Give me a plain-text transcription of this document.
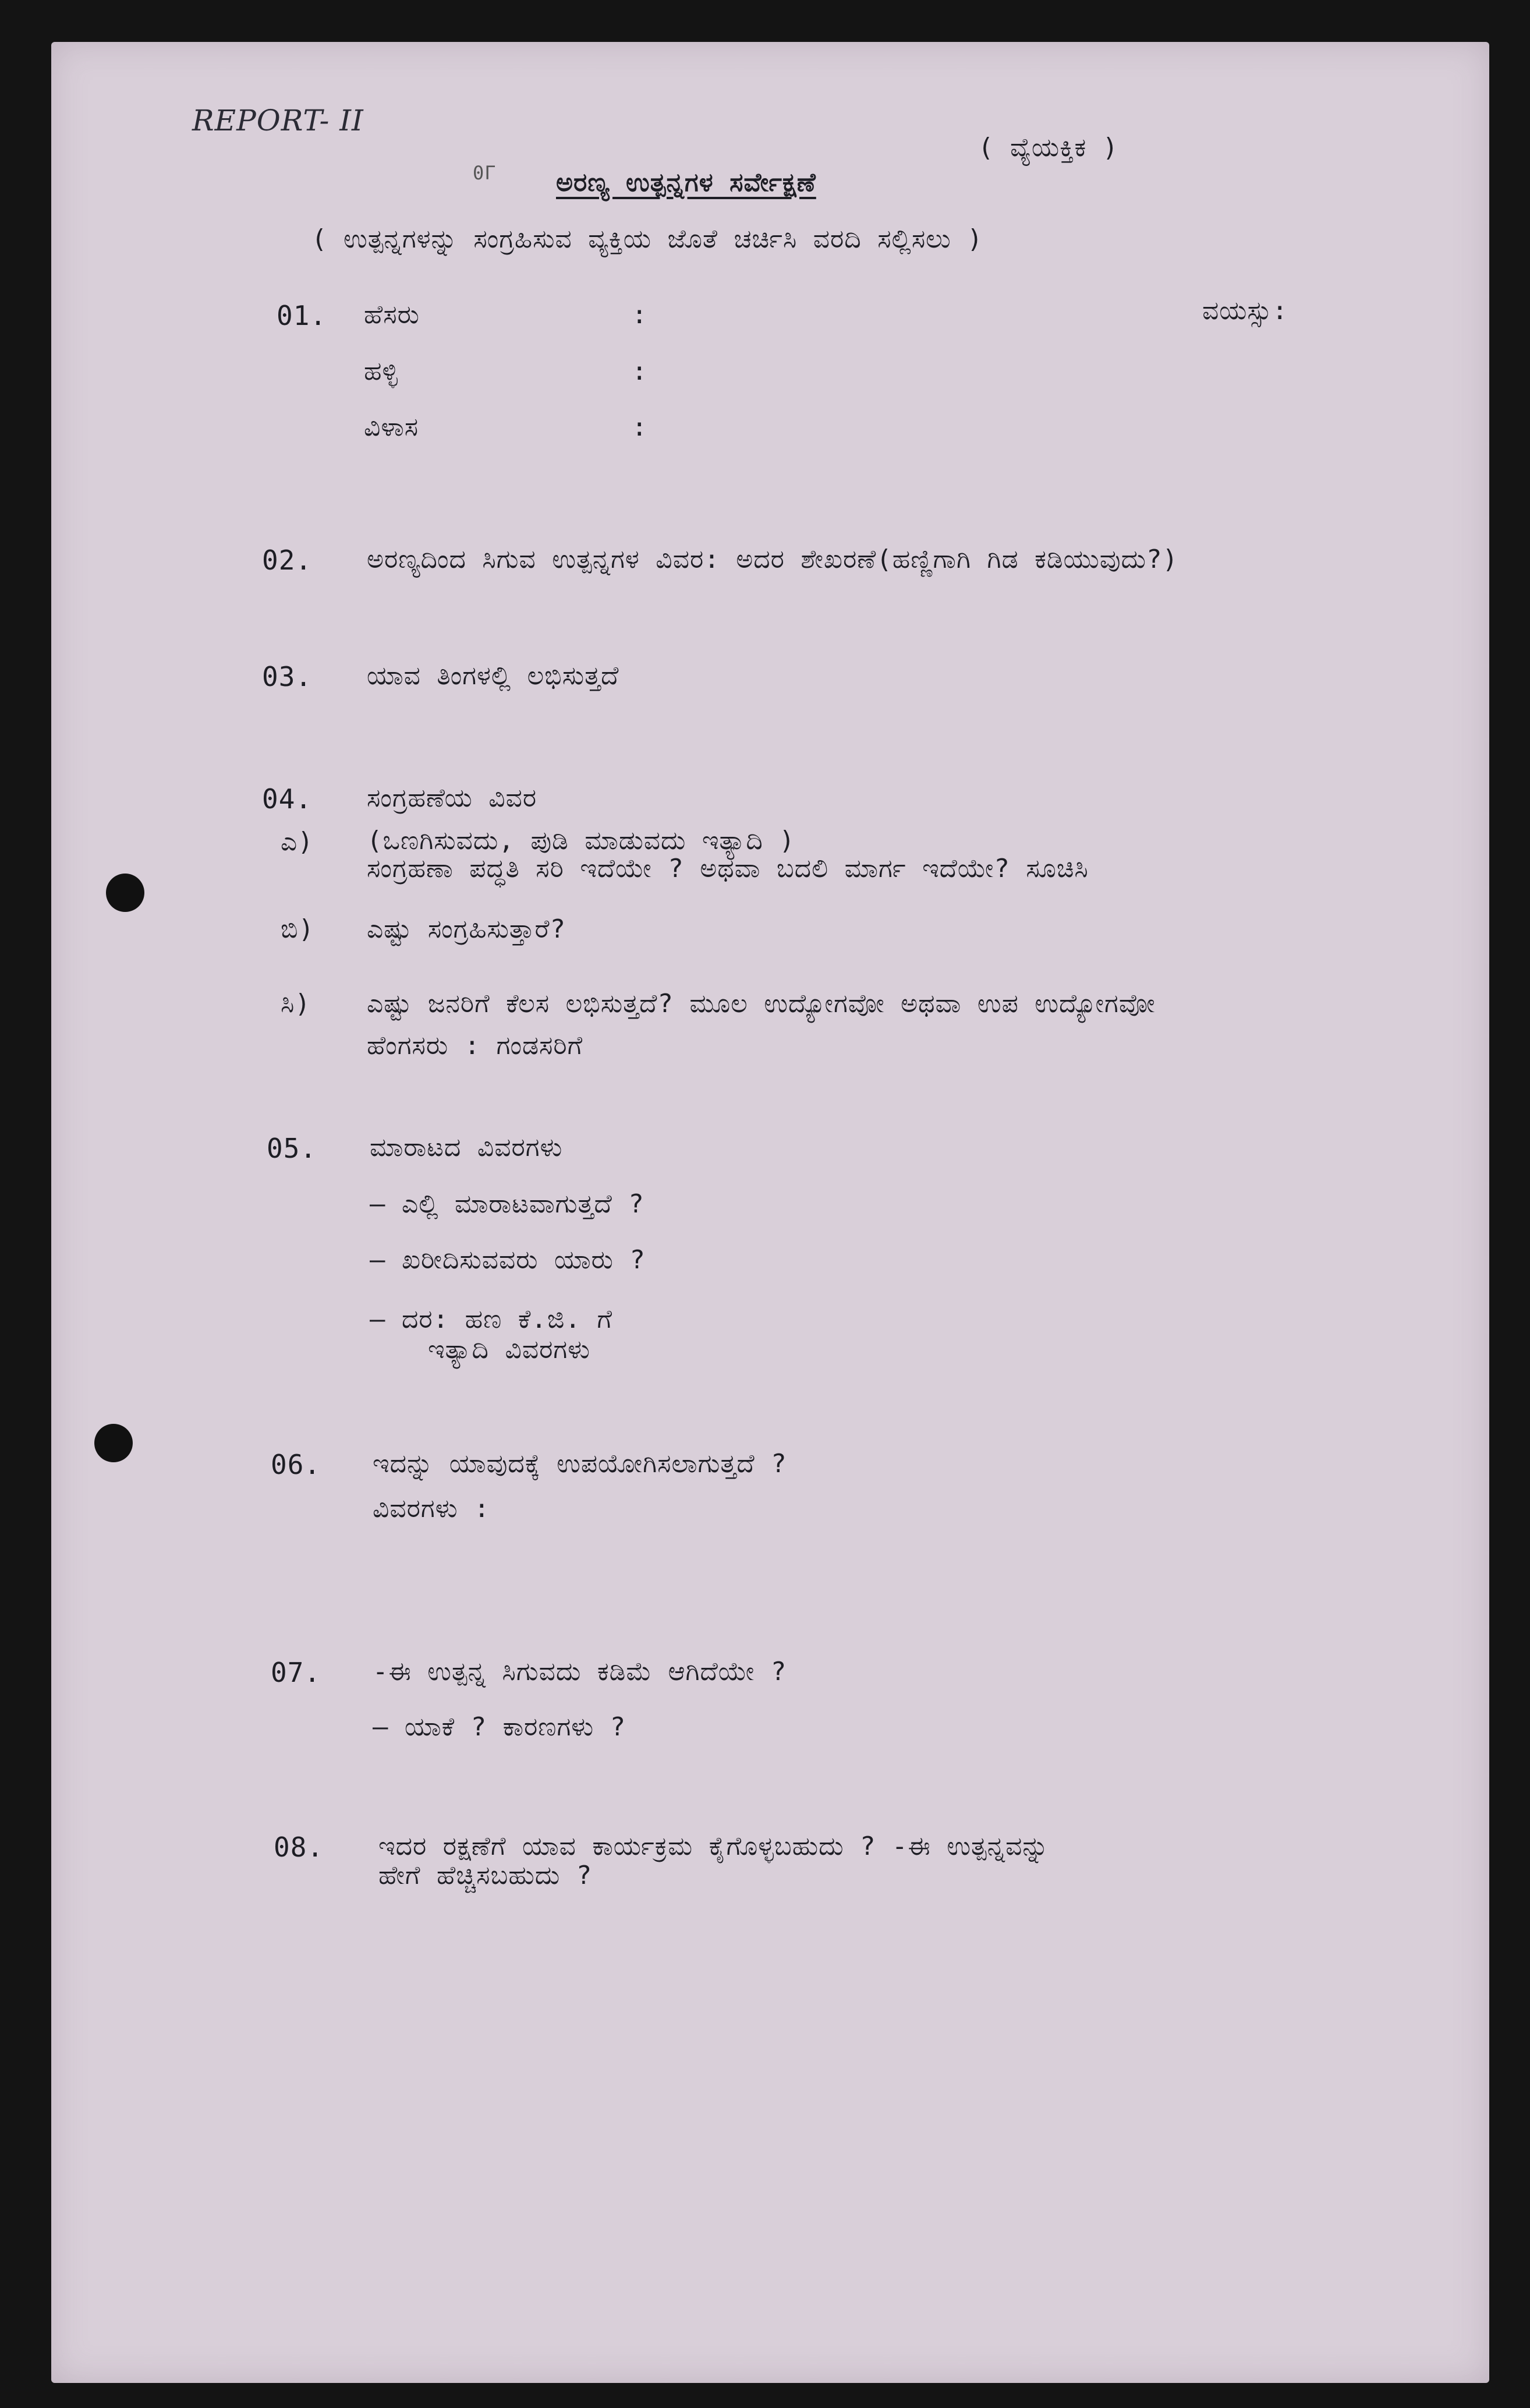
REPORT- II
0Г
( ವ್ಯೆಯಕ್ತಿಕ )
ಅರಣ್ಯ ಉತ್ಪನ್ನಗಳ ಸರ್ವೇಕ್ಷಣೆ
( ಉತ್ಪನ್ನಗಳನ್ನು ಸಂಗ್ರಹಿಸುವ ವ್ಯಕ್ತಿಯ ಜೊತೆ ಚರ್ಚಿಸಿ ವರದಿ ಸಲ್ಲಿಸಲು )
01. ಹೆಸರು	:	ವಯಸ್ಸು:
ಹಳ್ಳಿ	:
ವಿಳಾಸ	:
02. ಅರಣ್ಯದಿಂದ ಸಿಗುವ ಉತ್ಪನ್ನಗಳ ವಿವರ: ಅದರ ಶೇಖರಣೆ(ಹಣ್ಣಿಗಾಗಿ ಗಿಡ ಕಡಿಯುವುದು?)
03. ಯಾವ ತಿಂಗಳಲ್ಲಿ ಲಭಿಸುತ್ತದೆ
04. ಸಂಗ್ರಹಣೆಯ ವಿವರ
ಎ) (ಒಣಗಿಸುವದು, ಪುಡಿ ಮಾಡುವದು ಇತ್ಯಾದಿ )
ಸಂಗ್ರಹಣಾ ಪದ್ಧತಿ ಸರಿ ಇದೆಯೇ ? ಅಥವಾ ಬದಲಿ ಮಾರ್ಗ ಇದೆಯೇ? ಸೂಚಿಸಿ
ಬಿ) ಎಷ್ಟು ಸಂಗ್ರಹಿಸುತ್ತಾರೆ?
ಸಿ) ಎಷ್ಟು ಜನರಿಗೆ ಕೆಲಸ ಲಭಿಸುತ್ತದೆ? ಮೂಲ ಉದ್ಯೋಗವೋ ಅಥವಾ ಉಪ ಉದ್ಯೋಗವೋ
ಹೆಂಗಸರು : ಗಂಡಸರಿಗೆ
05. ಮಾರಾಟದ ವಿವರಗಳು
— ಎಲ್ಲಿ ಮಾರಾಟವಾಗುತ್ತದೆ ?
— ಖರೀದಿಸುವವರು ಯಾರು ?
— ದರ: ಹಣ ಕೆ.ಜಿ. ಗೆ
ಇತ್ಯಾದಿ ವಿವರಗಳು
06. ಇದನ್ನು ಯಾವುದಕ್ಕೆ ಉಪಯೋಗಿಸಲಾಗುತ್ತದೆ ?
ವಿವರಗಳು :
07. -ಈ ಉತ್ಪನ್ನ ಸಿಗುವದು ಕಡಿಮೆ ಆಗಿದೆಯೇ ?
— ಯಾಕೆ ? ಕಾರಣಗಳು ?
08. ಇದರ ರಕ್ಷಣೆಗೆ ಯಾವ ಕಾರ್ಯಕ್ರಮ ಕೈಗೊಳ್ಳಬಹುದು ? -ಈ ಉತ್ಪನ್ನವನ್ನು
ಹೇಗೆ ಹೆಚ್ಚಿಸಬಹುದು ?
